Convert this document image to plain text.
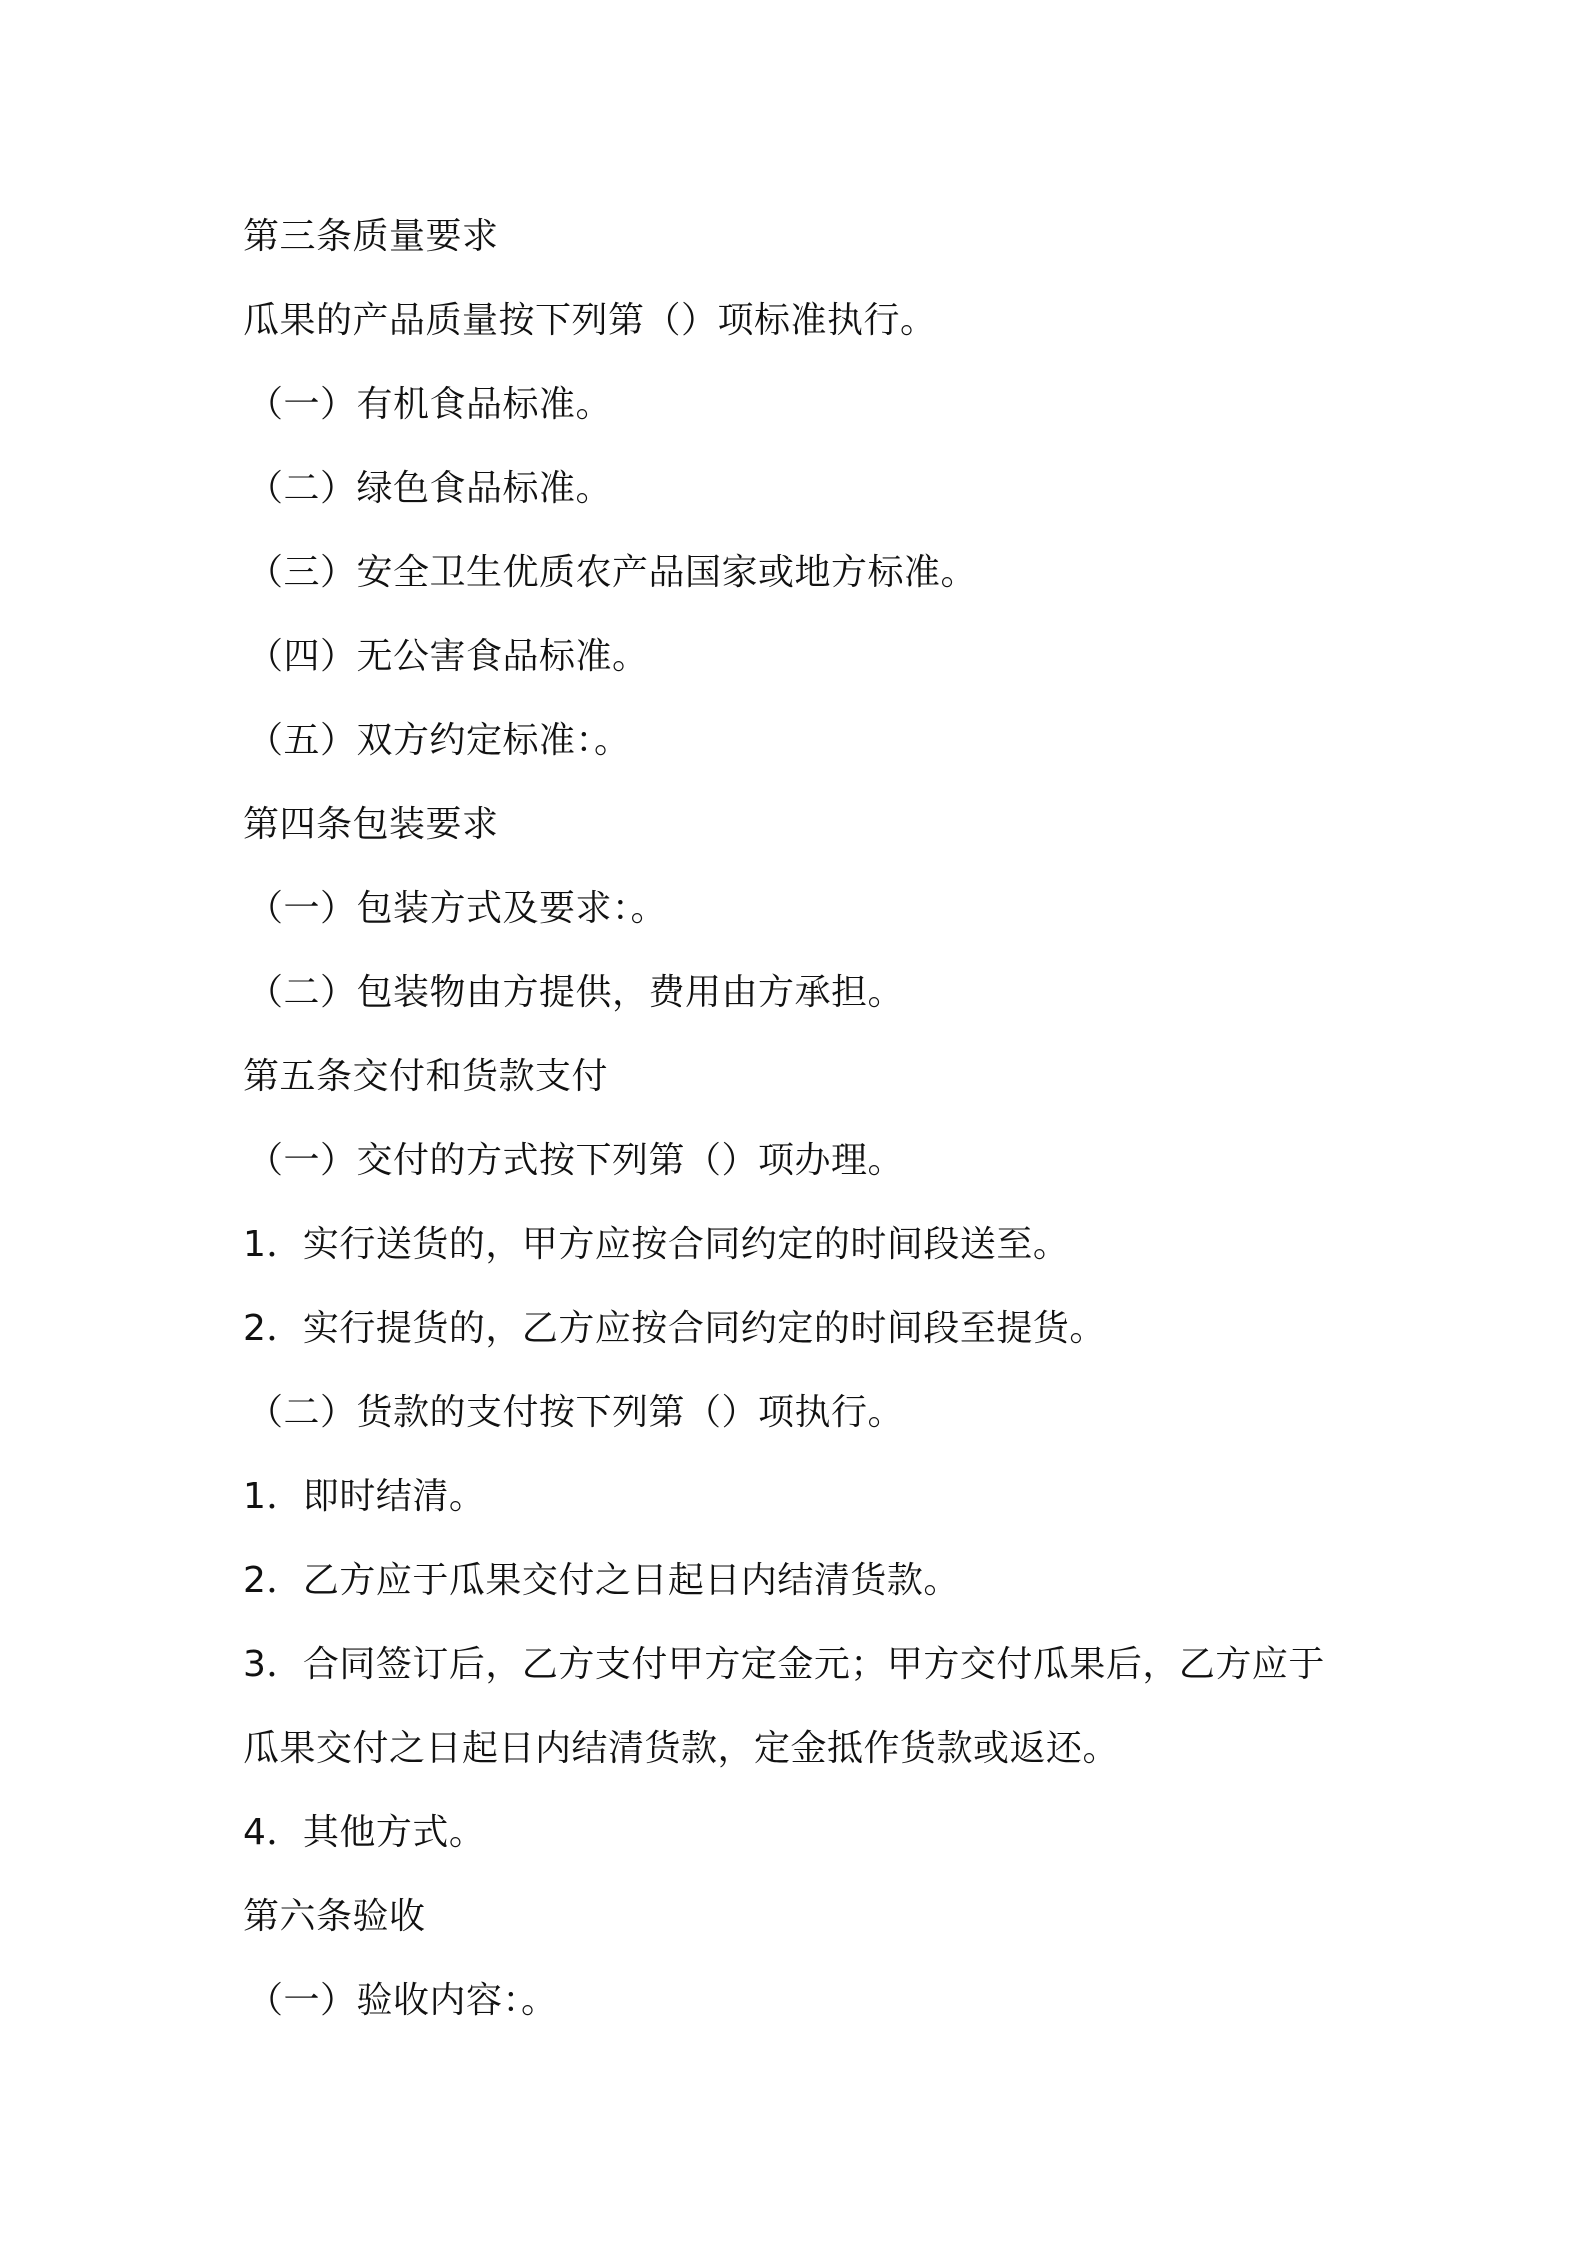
第三条质量要求
瓜果的产品质量按下列第（）项标准执行。
（一）有机食品标准。
（二）绿色食品标准。
（三）安全卫生优质农产品国家或地方标准。
（四）无公害食品标准。
（五）双方约定标准：。
第四条包装要求
（一）包装方式及要求：。
（二）包装物由方提供，费用由方承担。
第五条交付和货款支付
（一）交付的方式按下列第（）项办理。
1．实行送货的，甲方应按合同约定的时间段送至。
2．实行提货的，乙方应按合同约定的时间段至提货。
（二）货款的支付按下列第（）项执行。
1．即时结清。
2．乙方应于瓜果交付之日起日内结清货款。
3．合同签订后，乙方支付甲方定金元；甲方交付瓜果后，乙方应于
瓜果交付之日起日内结清货款，定金抵作货款或返还。
4．其他方式。
第六条验收
（一）验收内容：。
